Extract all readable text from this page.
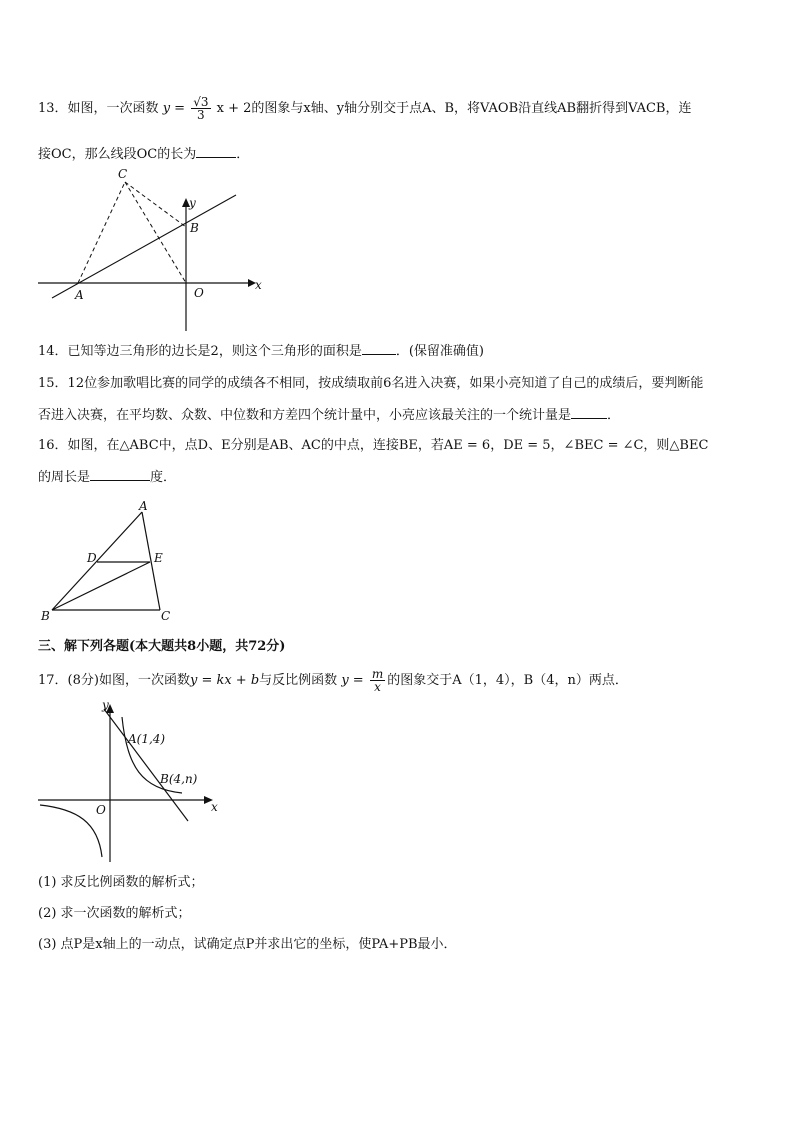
13．如图，一次函数 $y = \frac{√3}{3}$ x + 2的图象与x轴、y轴分别交于点A、B，将VAOB沿直线AB翻折得到VACB，连
接OC，那么线段OC的长为	．
C
y
B
A	O
x
14．已知等边三角形的边长是2，则这个三角形的面积是	．(保留准确值)
15．12位参加歌唱比赛的同学的成绩各不相同，按成绩取前6名进入决赛，如果小亮知道了自己的成绩后，要判断能
否进入决赛，在平均数、众数、中位数和方差四个统计量中，小亮应该最关注的一个统计量是	．
16．如图，在△ABC中，点D、E分别是AB、AC的中点，连接BE，若AE = 6，DE = 5，∠BEC = ∠C，则△BEC
的周长是	度．
A
D	E
B	C
三、解下列各题(本大题共8小题，共72分)
17．(8分)如图，一次函数y = kx + b与反比例函数 $y = \frac{m}{x}$ 的图象交于A（1，4），B（4，n）两点．
y
A(1,4)
B(4,n)
O	x
(1) 求反比例函数的解析式；
(2) 求一次函数的解析式；
(3) 点P是x轴上的一动点，试确定点P并求出它的坐标，使PA+PB最小．
